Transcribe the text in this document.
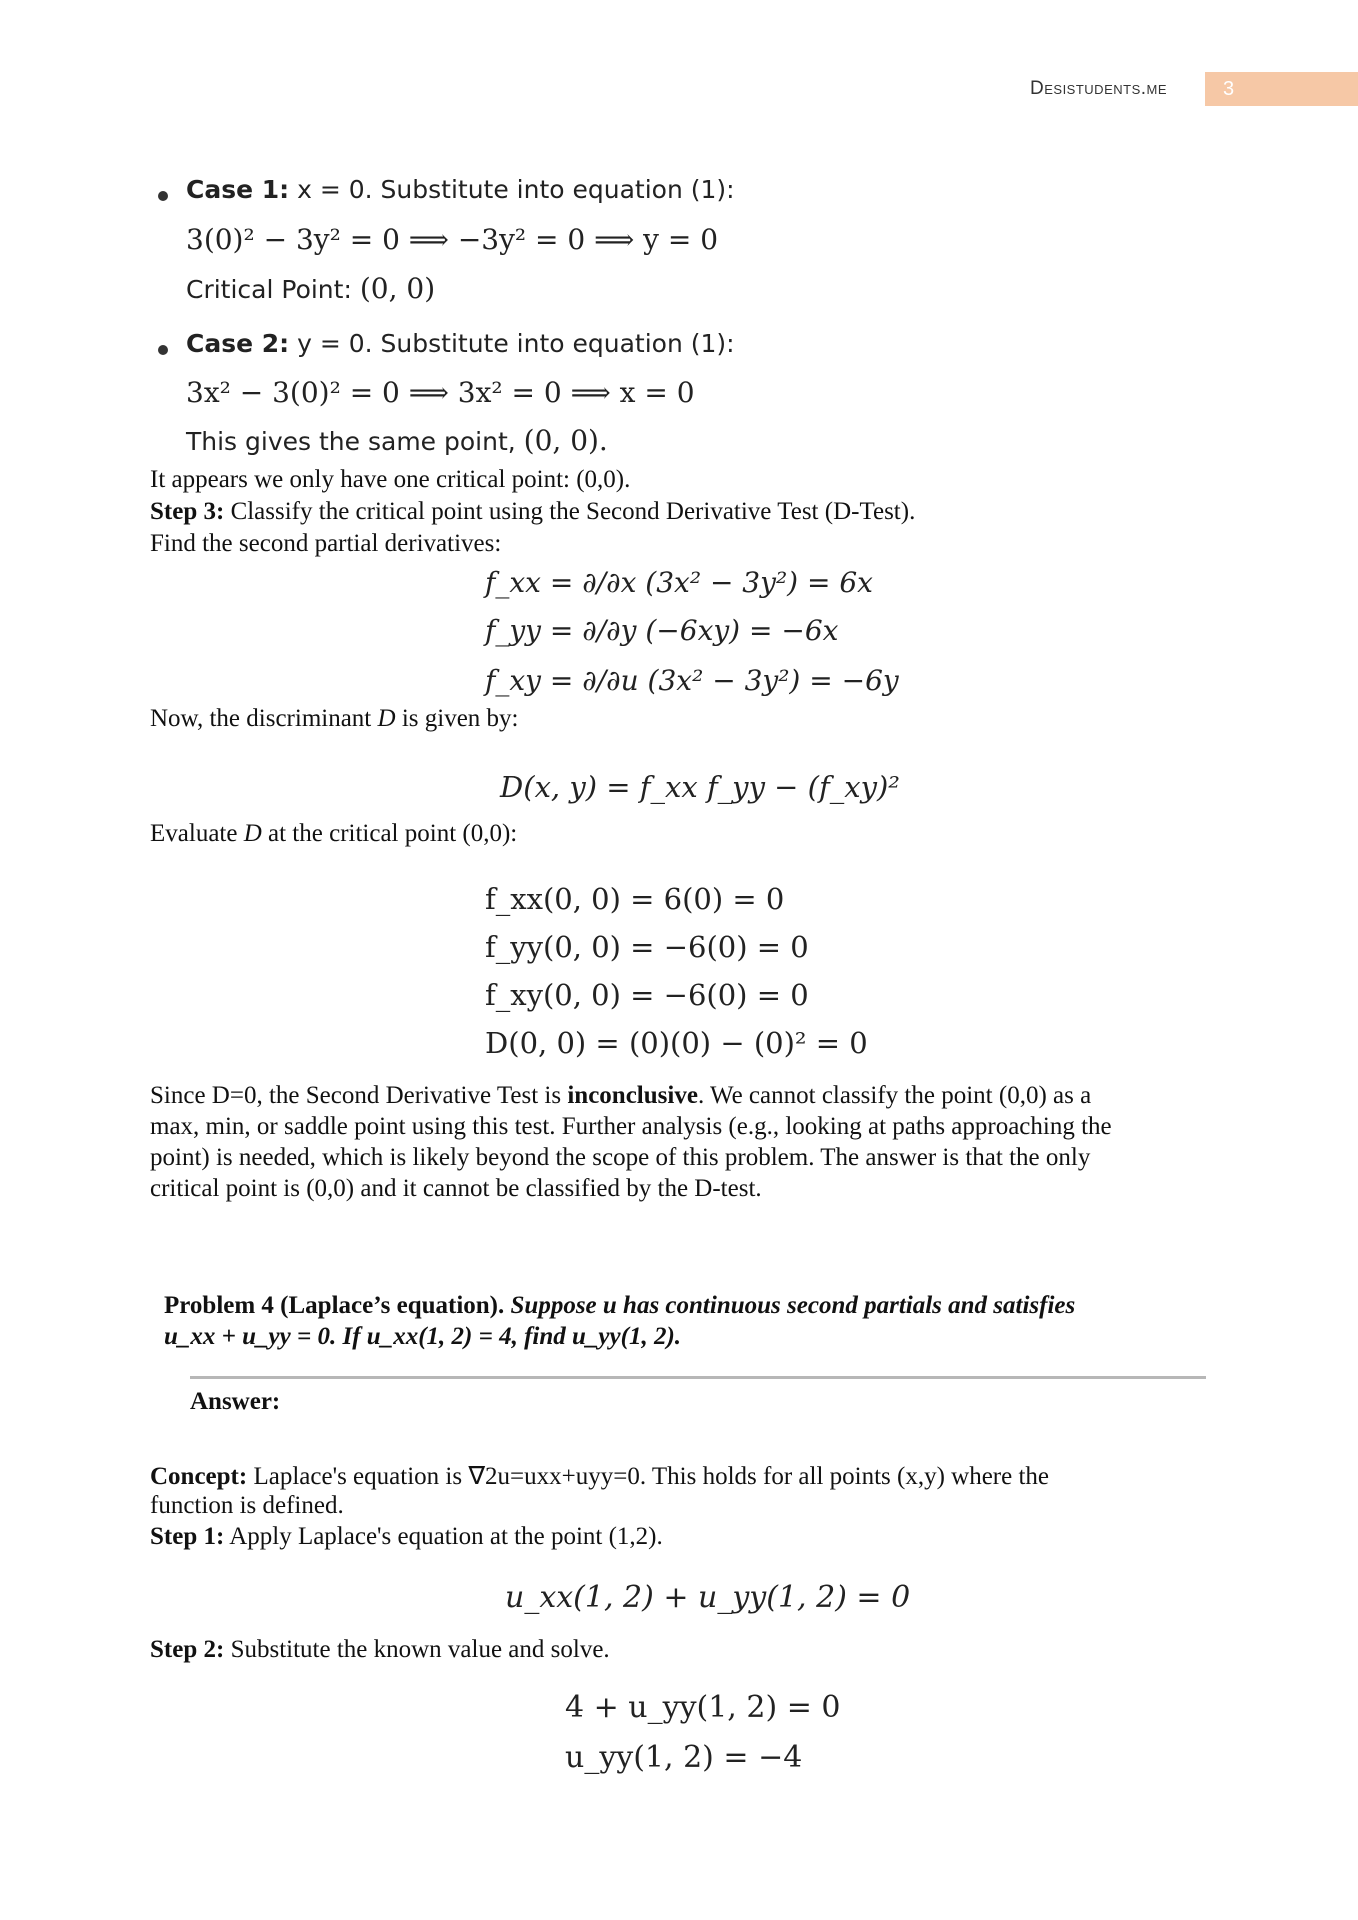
Desistudents.me	3
Case 1: x = 0. Substitute into equation (1):
3(0)² − 3y² = 0 ⟹ −3y² = 0 ⟹ y = 0
Critical Point: (0, 0)
Case 2: y = 0. Substitute into equation (1):
3x² − 3(0)² = 0 ⟹ 3x² = 0 ⟹ x = 0
This gives the same point, (0, 0).
It appears we only have one critical point: (0,0).
Step 3: Classify the critical point using the Second Derivative Test (D-Test).
Find the second partial derivatives:
f_xx = ∂/∂x (3x² − 3y²) = 6x
f_yy = ∂/∂y (−6xy) = −6x
f_xy = ∂/∂u (3x² − 3y²) = −6y
Now, the discriminant D is given by:
D(x, y) = f_xx f_yy − (f_xy)²
Evaluate D at the critical point (0,0):
f_xx(0, 0) = 6(0) = 0
f_yy(0, 0) = −6(0) = 0
f_xy(0, 0) = −6(0) = 0
D(0, 0) = (0)(0) − (0)² = 0
Since D=0, the Second Derivative Test is inconclusive. We cannot classify the point (0,0) as a
max, min, or saddle point using this test. Further analysis (e.g., looking at paths approaching the
point) is needed, which is likely beyond the scope of this problem. The answer is that the only
critical point is (0,0) and it cannot be classified by the D-test.
Problem 4 (Laplace’s equation). Suppose u has continuous second partials and satisfies
u_xx + u_yy = 0. If u_xx(1, 2) = 4, find u_yy(1, 2).
Answer:
Concept: Laplace's equation is ∇2u=uxx+uyy=0. This holds for all points (x,y) where the
function is defined.
Step 1: Apply Laplace's equation at the point (1,2).
u_xx(1, 2) + u_yy(1, 2) = 0
Step 2: Substitute the known value and solve.
4 + u_yy(1, 2) = 0
u_yy(1, 2) = −4
